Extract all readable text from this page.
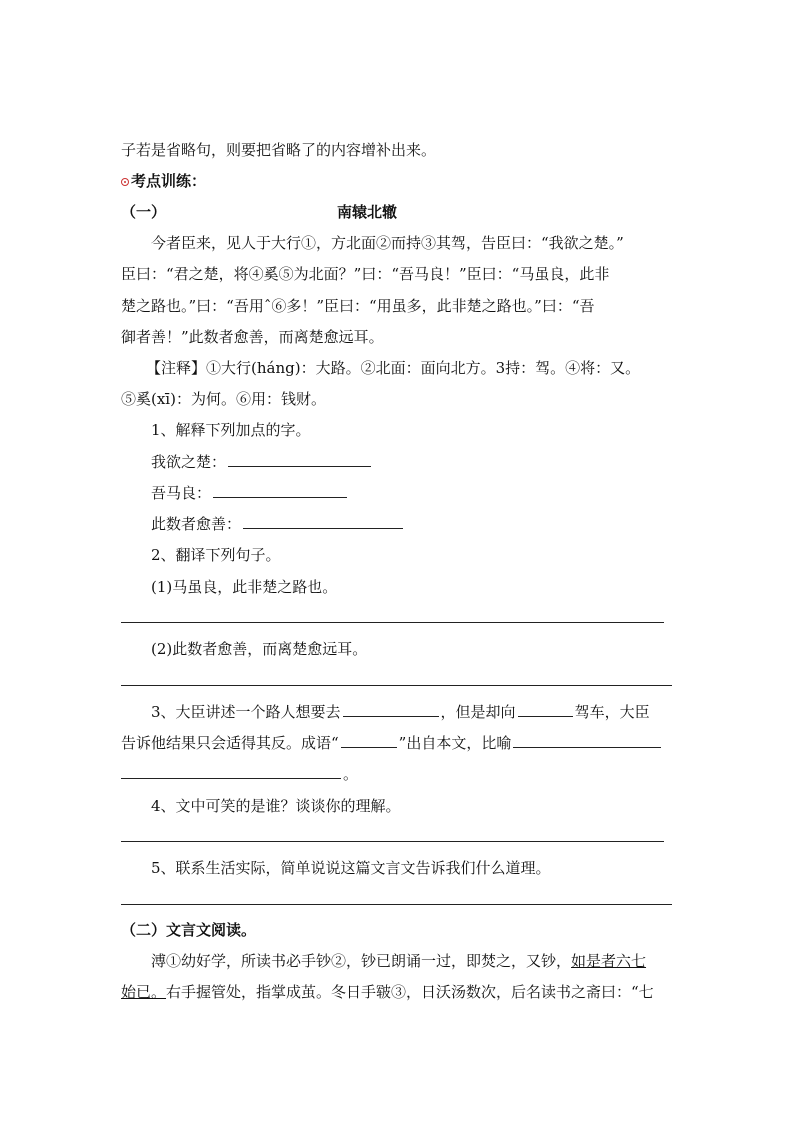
子若是省略句，则要把省略了的内容增补出来。
考点训练：
（一）	南辕北辙
今者臣来，见人于大行①，方北面②而持③其驾，告臣曰：“我欲之楚。”
臣曰：“君之楚，将④奚⑤为北面？”曰：“吾马良！”臣曰：“马虽良，此非
楚之路也。”曰：“吾用ˆ⑥多！”臣曰：“用虽多，此非楚之路也。”曰：“吾
御者善！”此数者愈善，而离楚愈远耳。
【注释】①大行(háng)：大路。②北面：面向北方。3持：驾。④将：又。
⑤奚(xī)：为何。⑥用：钱财。
1、解释下列加点的字。
我欲之楚：
吾马良：
此数者愈善：
2、翻译下列句子。
(1)马虽良，此非楚之路也。
(2)此数者愈善，而离楚愈远耳。
3、大臣讲述一个路人想要去	，但是却向	驾车，大臣
告诉他结果只会适得其反。成语“	”出自本文，比喻
。
4、文中可笑的是谁？谈谈你的理解。
5、联系生活实际，简单说说这篇文言文告诉我们什么道理。
（二）文言文阅读。
溥①幼好学，所读书必手钞②，钞已朗诵一过，即焚之，又钞，如是者六七
始已。右手握管处，指掌成茧。冬日手皲③，日沃汤数次，后名读书之斋曰：“七
